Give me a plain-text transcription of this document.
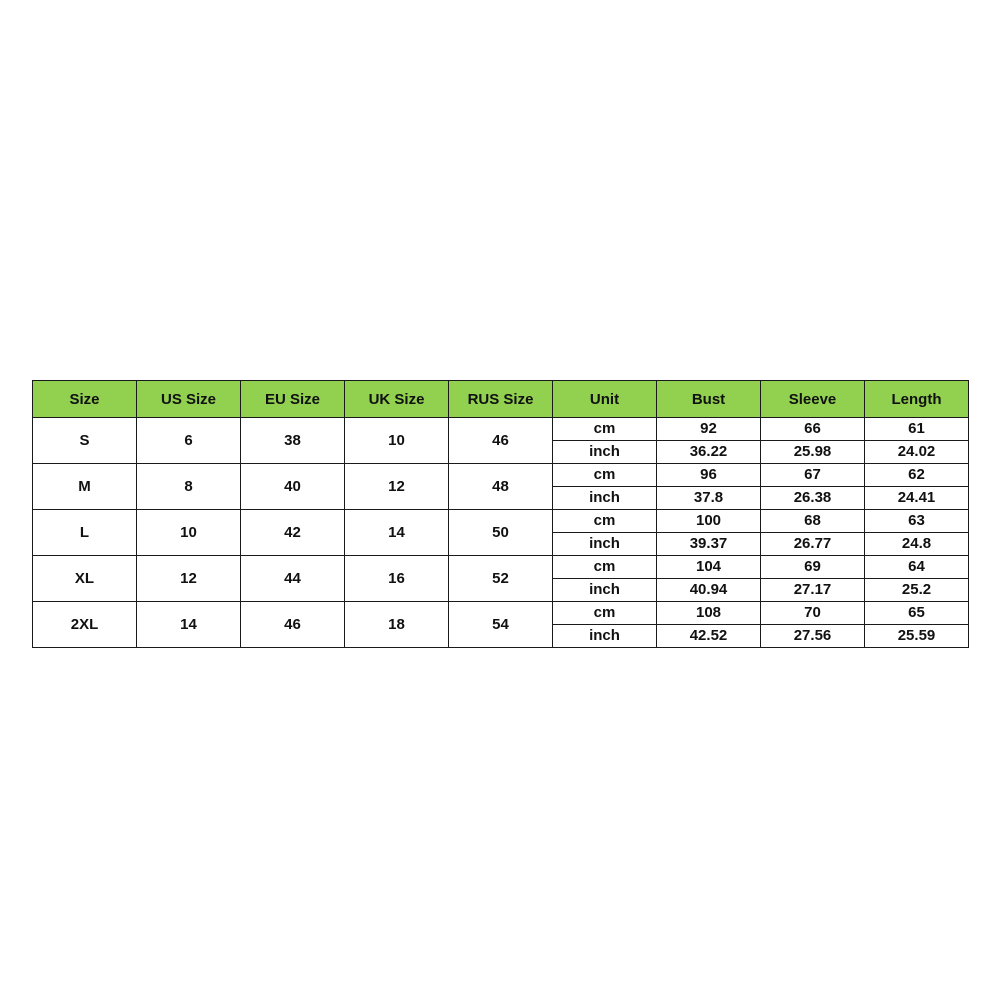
Size	US Size	EU Size	UK Size	RUS Size	Unit	Bust	Sleeve	Length
S	6	38	10	46	cm	92	66	61
					inch	36.22	25.98	24.02
M	8	40	12	48	cm	96	67	62
					inch	37.8	26.38	24.41
L	10	42	14	50	cm	100	68	63
					inch	39.37	26.77	24.8
XL	12	44	16	52	cm	104	69	64
					inch	40.94	27.17	25.2
2XL	14	46	18	54	cm	108	70	65
					inch	42.52	27.56	25.59
